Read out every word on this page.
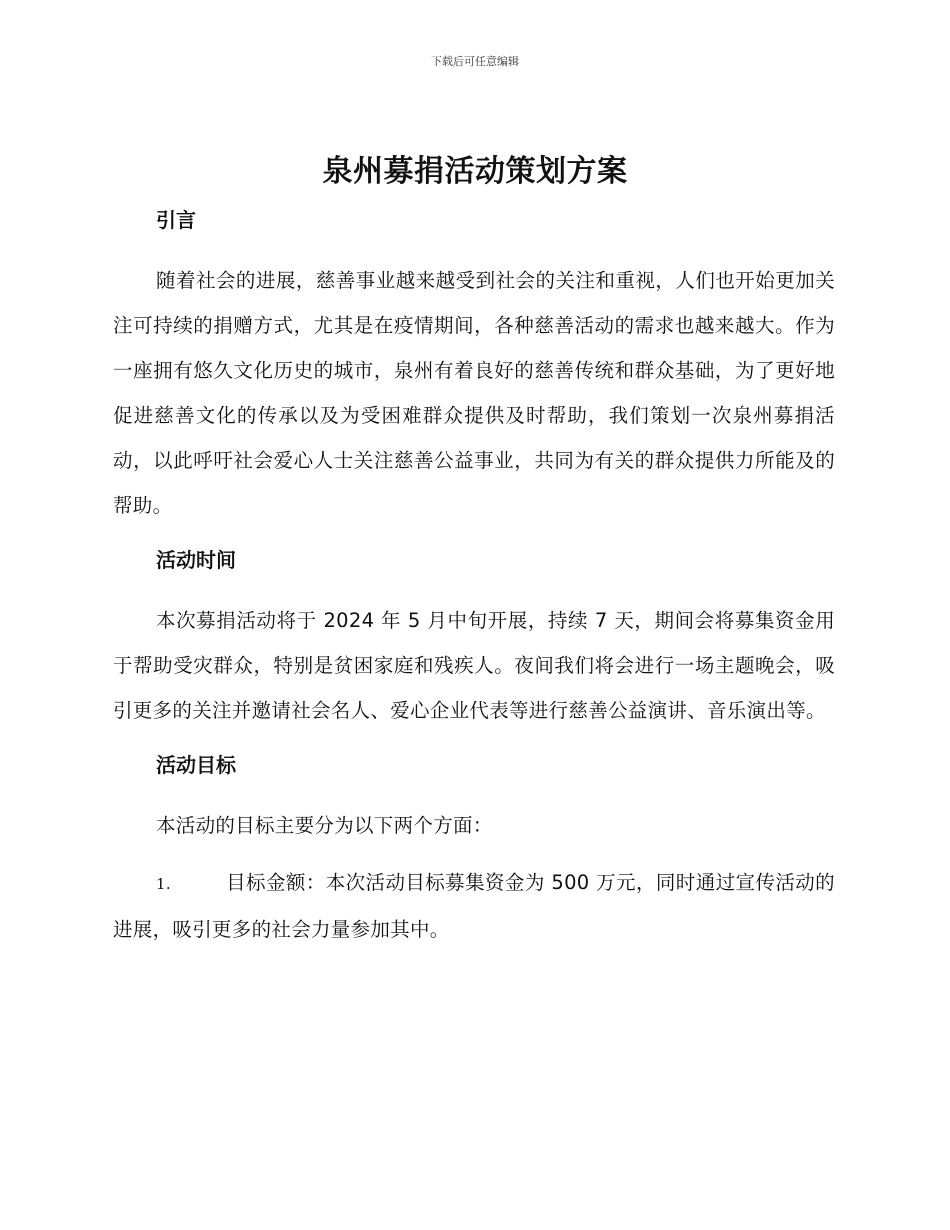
下载后可任意编辑
泉州募捐活动策划方案
引言

随着社会的进展，慈善事业越来越受到社会的关注和重视，人们也开始更加关注可持续的捐赠方式，尤其是在疫情期间，各种慈善活动的需求也越来越大。作为一座拥有悠久文化历史的城市，泉州有着良好的慈善传统和群众基础，为了更好地促进慈善文化的传承以及为受困难群众提供及时帮助，我们策划一次泉州募捐活动，以此呼吁社会爱心人士关注慈善公益事业，共同为有关的群众提供力所能及的帮助。

活动时间

本次募捐活动将于 2024 年 5 月中旬开展，持续 7 天，期间会将募集资金用于帮助受灾群众，特别是贫困家庭和残疾人。夜间我们将会进行一场主题晚会，吸引更多的关注并邀请社会名人、爱心企业代表等进行慈善公益演讲、音乐演出等。

活动目标

本活动的目标主要分为以下两个方面：

1.	目标金额：本次活动目标募集资金为 500 万元，同时通过宣传活动的进展，吸引更多的社会力量参加其中。
